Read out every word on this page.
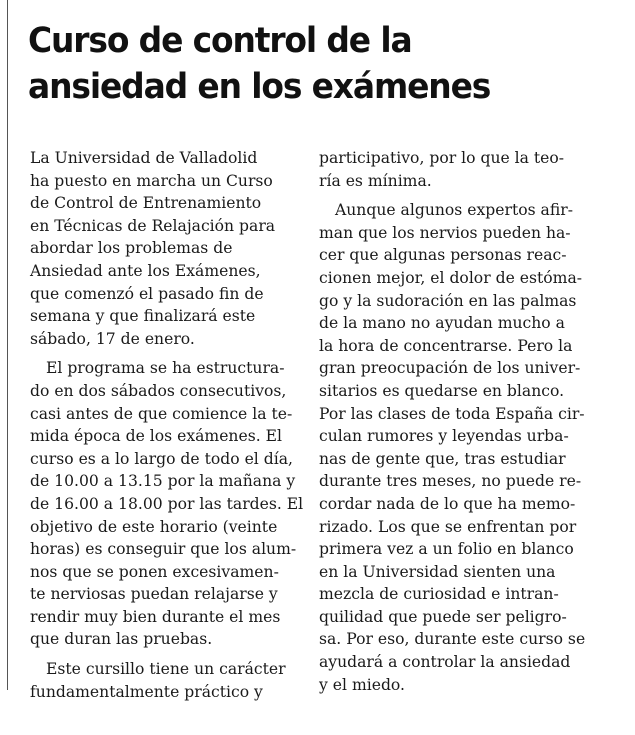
Curso de control de la
ansiedad en los exámenes

La Universidad de Valladolid
ha puesto en marcha un Curso
de Control de Entrenamiento
en Técnicas de Relajación para
abordar los problemas de
Ansiedad ante los Exámenes,
que comenzó el pasado fin de
semana y que finalizará este
sábado, 17 de enero.

El programa se ha estructura-
do en dos sábados consecutivos,
casi antes de que comience la te-
mida época de los exámenes. El
curso es a lo largo de todo el día,
de 10.00 a 13.15 por la mañana y
de 16.00 a 18.00 por las tardes. El
objetivo de este horario (veinte
horas) es conseguir que los alum-
nos que se ponen excesivamen-
te nerviosas puedan relajarse y
rendir muy bien durante el mes
que duran las pruebas.

Este cursillo tiene un carácter
fundamentalmente práctico y

participativo, por lo que la teo-
ría es mínima.

Aunque algunos expertos afir-
man que los nervios pueden ha-
cer que algunas personas reac-
cionen mejor, el dolor de estóma-
go y la sudoración en las palmas
de la mano no ayudan mucho a
la hora de concentrarse. Pero la
gran preocupación de los univer-
sitarios es quedarse en blanco.
Por las clases de toda España cir-
culan rumores y leyendas urba-
nas de gente que, tras estudiar
durante tres meses, no puede re-
cordar nada de lo que ha memo-
rizado. Los que se enfrentan por
primera vez a un folio en blanco
en la Universidad sienten una
mezcla de curiosidad e intran-
quilidad que puede ser peligro-
sa. Por eso, durante este curso se
ayudará a controlar la ansiedad
y el miedo.
